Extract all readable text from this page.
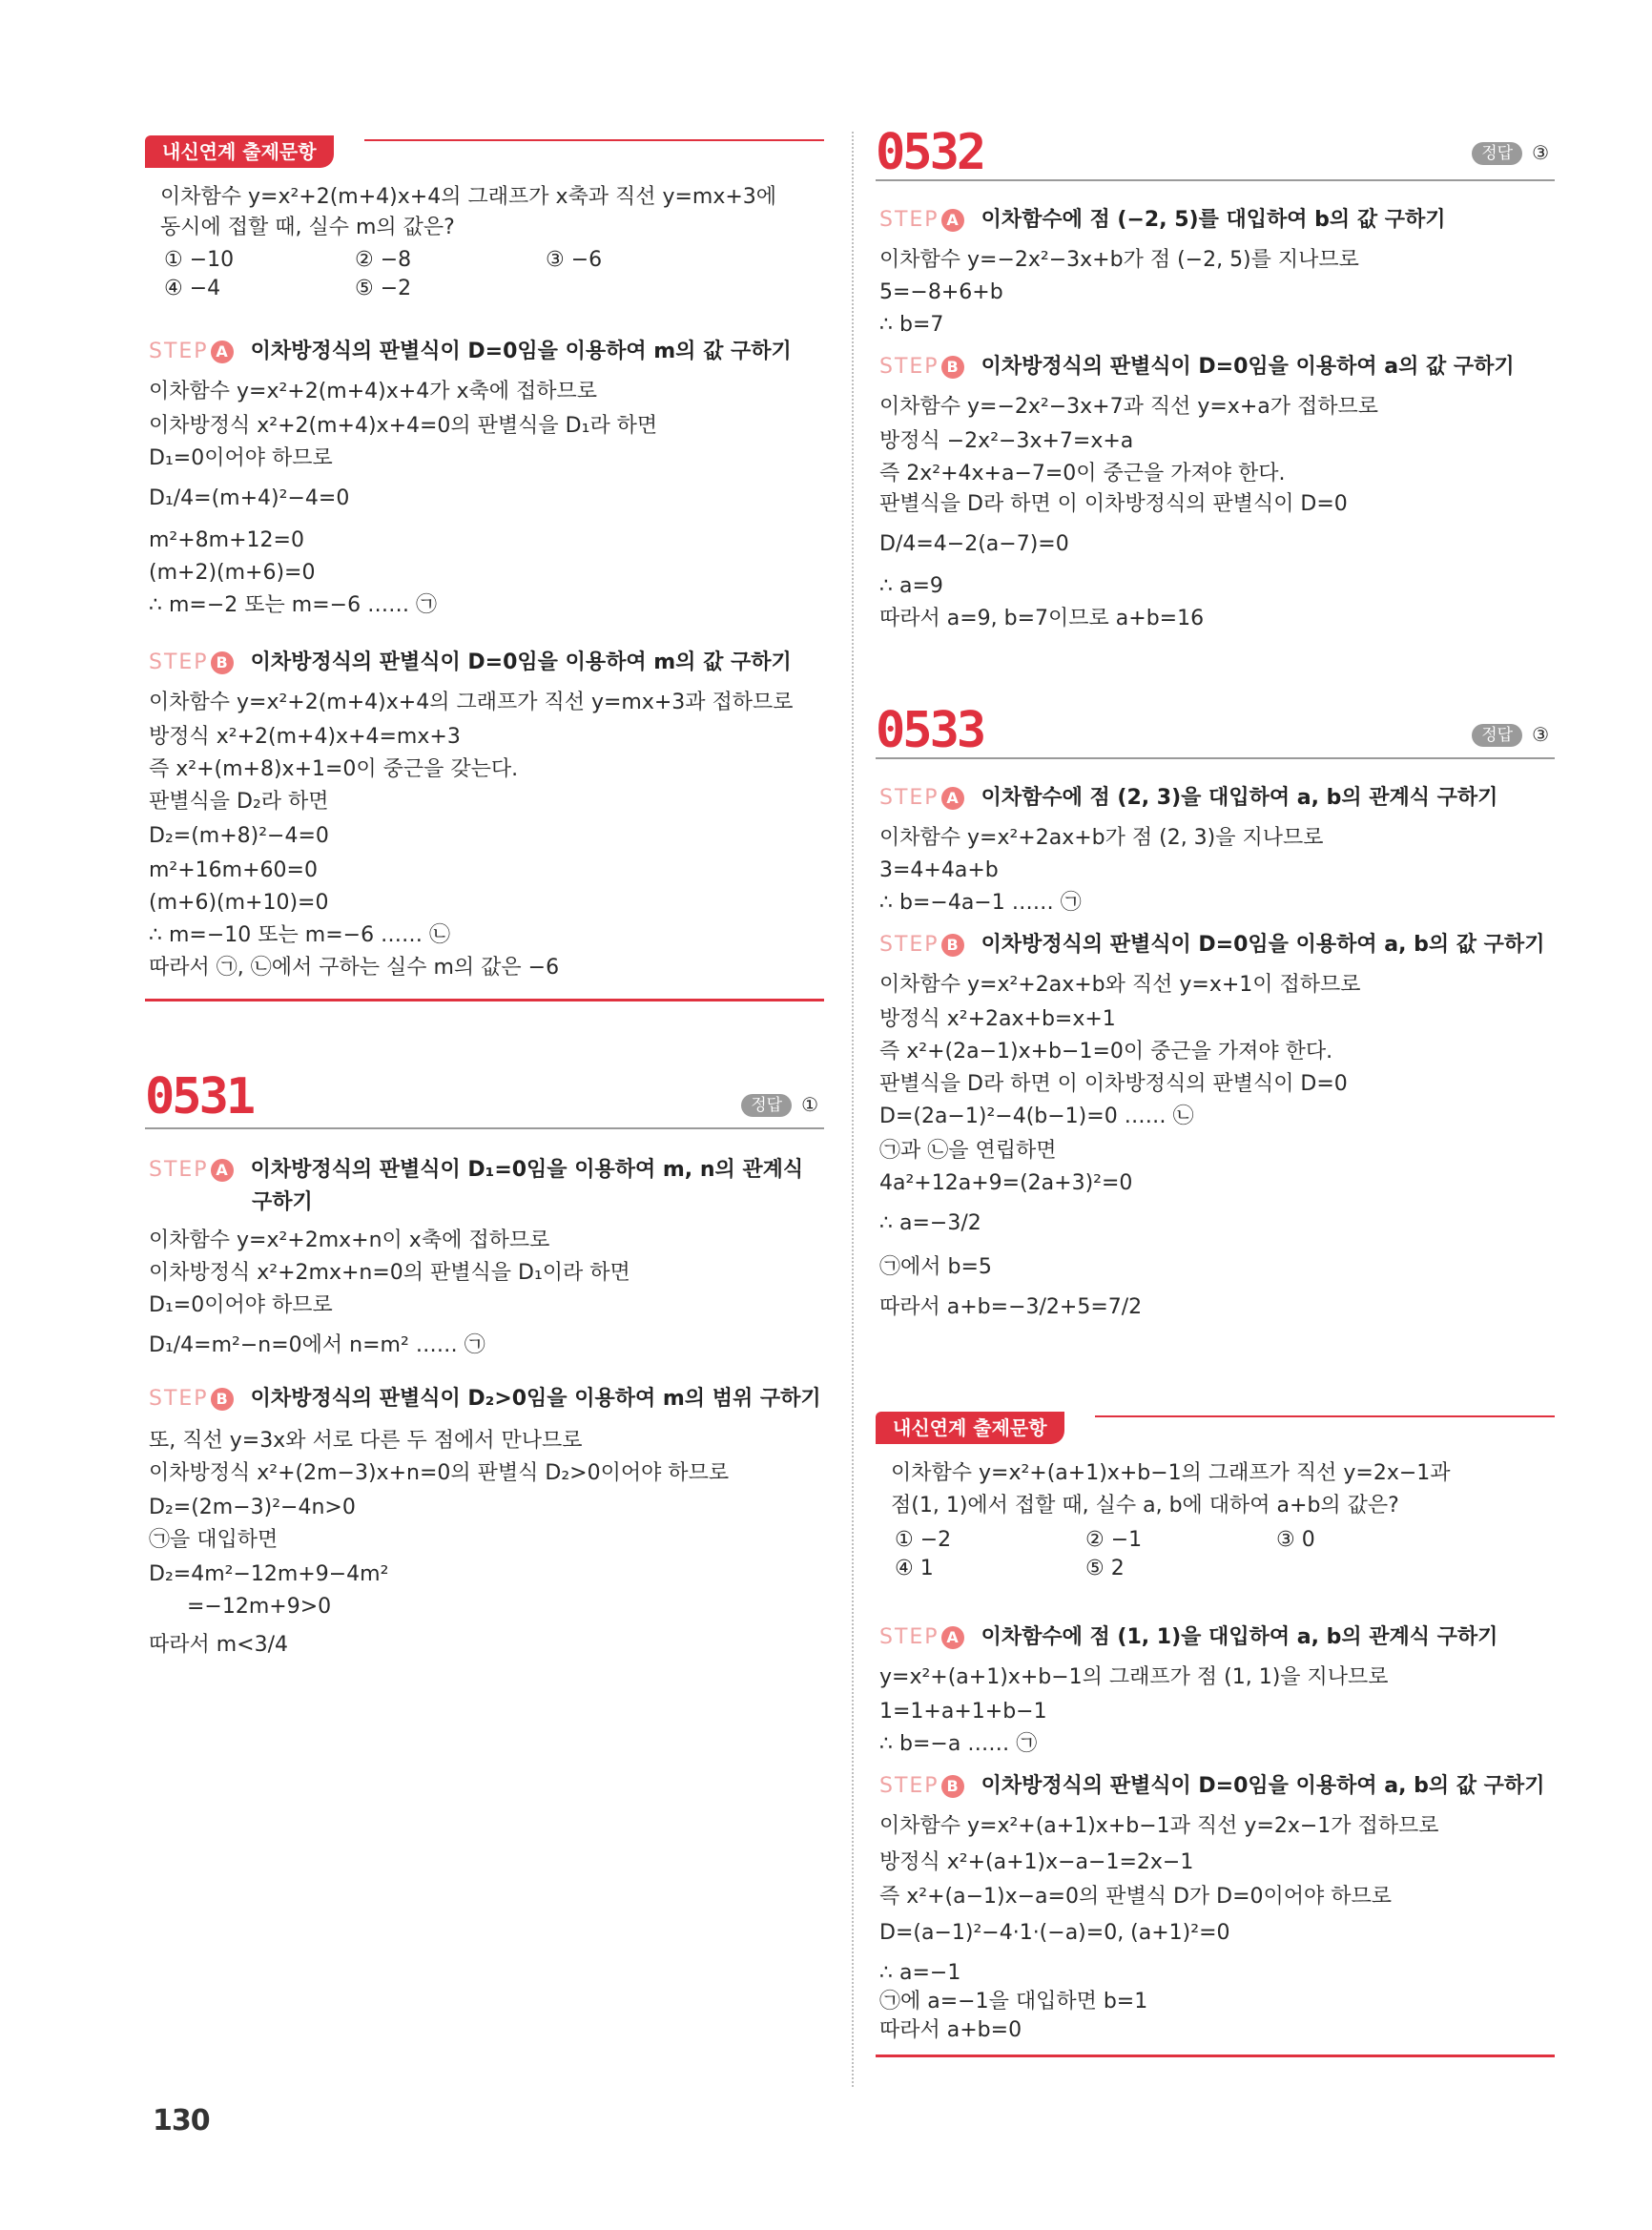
내신연계 출제문항
이차함수 y=x²+2(m+4)x+4의 그래프가 x축과 직선 y=mx+3에
동시에 접할 때, 실수 m의 값은?
① −10	② −8	③ −6
④ −4	⑤ −2
STEP A 이차방정식의 판별식이 D=0임을 이용하여 m의 값 구하기
이차함수 y=x²+2(m+4)x+4가 x축에 접하므로
이차방정식 x²+2(m+4)x+4=0의 판별식을 D₁라 하면
D₁=0이어야 하므로
D₁/4=(m+4)²−4=0
m²+8m+12=0
(m+2)(m+6)=0
∴ m=−2 또는 m=−6 …… ㉠
STEP B 이차방정식의 판별식이 D=0임을 이용하여 m의 값 구하기
이차함수 y=x²+2(m+4)x+4의 그래프가 직선 y=mx+3과 접하므로
방정식 x²+2(m+4)x+4=mx+3
즉 x²+(m+8)x+1=0이 중근을 갖는다.
판별식을 D₂라 하면
D₂=(m+8)²−4=0
m²+16m+60=0
(m+6)(m+10)=0
∴ m=−10 또는 m=−6 …… ㉡
따라서 ㉠, ㉡에서 구하는 실수 m의 값은 −6
0531	정답 ①
STEP A 이차방정식의 판별식이 D₁=0임을 이용하여 m, n의 관계식
구하기
이차함수 y=x²+2mx+n이 x축에 접하므로
이차방정식 x²+2mx+n=0의 판별식을 D₁이라 하면
D₁=0이어야 하므로
D₁/4=m²−n=0에서 n=m² …… ㉠
STEP B 이차방정식의 판별식이 D₂>0임을 이용하여 m의 범위 구하기
또, 직선 y=3x와 서로 다른 두 점에서 만나므로
이차방정식 x²+(2m−3)x+n=0의 판별식 D₂>0이어야 하므로
D₂=(2m−3)²−4n>0
㉠을 대입하면
D₂=4m²−12m+9−4m²
=−12m+9>0
따라서 m<3/4
0532	정답 ③
STEP A 이차함수에 점 (−2, 5)를 대입하여 b의 값 구하기
이차함수 y=−2x²−3x+b가 점 (−2, 5)를 지나므로
5=−8+6+b
∴ b=7
STEP B 이차방정식의 판별식이 D=0임을 이용하여 a의 값 구하기
이차함수 y=−2x²−3x+7과 직선 y=x+a가 접하므로
방정식 −2x²−3x+7=x+a
즉 2x²+4x+a−7=0이 중근을 가져야 한다.
판별식을 D라 하면 이 이차방정식의 판별식이 D=0
D/4=4−2(a−7)=0
∴ a=9
따라서 a=9, b=7이므로 a+b=16
0533	정답 ③
STEP A 이차함수에 점 (2, 3)을 대입하여 a, b의 관계식 구하기
이차함수 y=x²+2ax+b가 점 (2, 3)을 지나므로
3=4+4a+b
∴ b=−4a−1 …… ㉠
STEP B 이차방정식의 판별식이 D=0임을 이용하여 a, b의 값 구하기
이차함수 y=x²+2ax+b와 직선 y=x+1이 접하므로
방정식 x²+2ax+b=x+1
즉 x²+(2a−1)x+b−1=0이 중근을 가져야 한다.
판별식을 D라 하면 이 이차방정식의 판별식이 D=0
D=(2a−1)²−4(b−1)=0 …… ㉡
㉠과 ㉡을 연립하면
4a²+12a+9=(2a+3)²=0
∴ a=−3/2
㉠에서 b=5
따라서 a+b=−3/2+5=7/2
내신연계 출제문항
이차함수 y=x²+(a+1)x+b−1의 그래프가 직선 y=2x−1과
점(1, 1)에서 접할 때, 실수 a, b에 대하여 a+b의 값은?
① −2	② −1	③ 0
④ 1	⑤ 2
STEP A 이차함수에 점 (1, 1)을 대입하여 a, b의 관계식 구하기
y=x²+(a+1)x+b−1의 그래프가 점 (1, 1)을 지나므로
1=1+a+1+b−1
∴ b=−a …… ㉠
STEP B 이차방정식의 판별식이 D=0임을 이용하여 a, b의 값 구하기
이차함수 y=x²+(a+1)x+b−1과 직선 y=2x−1가 접하므로
방정식 x²+(a+1)x−a−1=2x−1
즉 x²+(a−1)x−a=0의 판별식 D가 D=0이어야 하므로
D=(a−1)²−4·1·(−a)=0, (a+1)²=0
∴ a=−1
㉠에 a=−1을 대입하면 b=1
따라서 a+b=0
130
